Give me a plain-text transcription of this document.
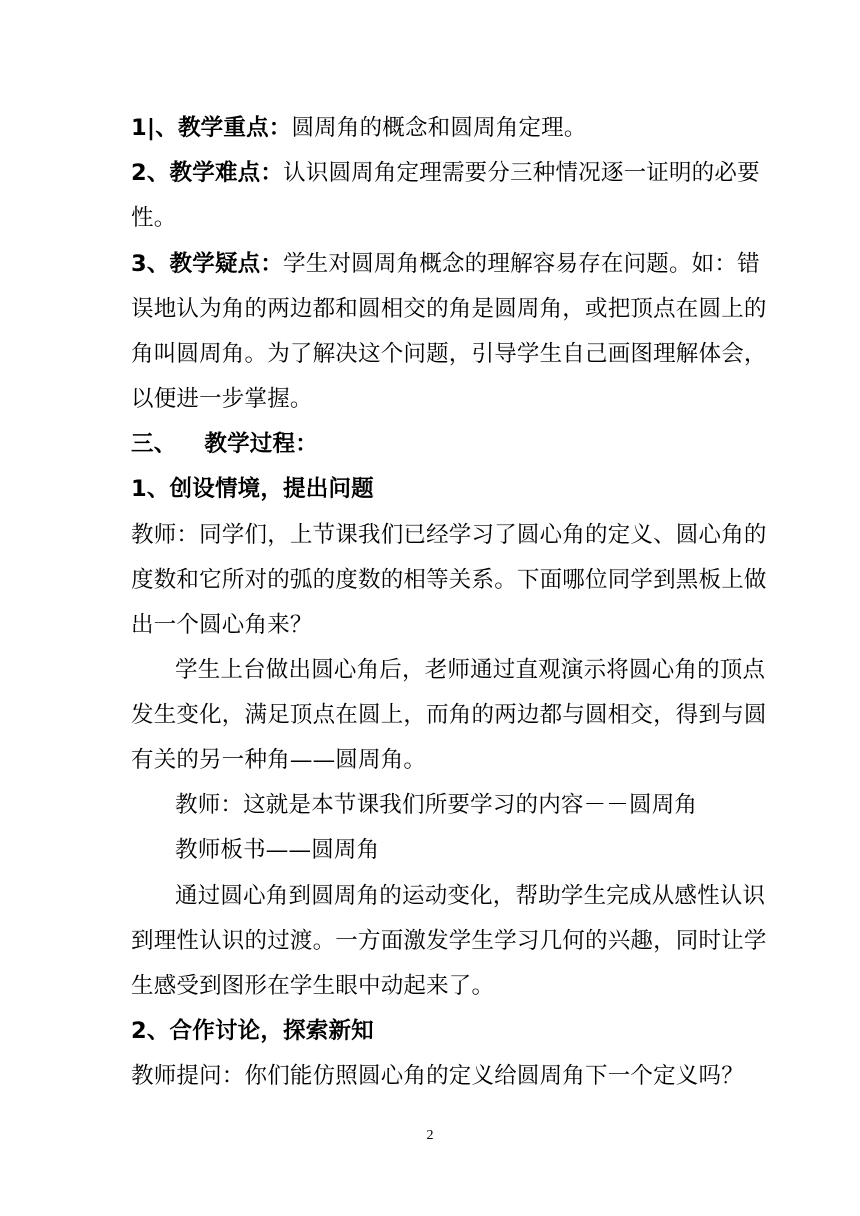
1|、教学重点：圆周角的概念和圆周角定理。
2、教学难点：认识圆周角定理需要分三种情况逐一证明的必要
性。
3、教学疑点：学生对圆周角概念的理解容易存在问题。如：错
误地认为角的两边都和圆相交的角是圆周角，或把顶点在圆上的
角叫圆周角。为了解决这个问题，引导学生自己画图理解体会，
以便进一步掌握。
三、 教学过程：
1、创设情境，提出问题
教师：同学们，上节课我们已经学习了圆心角的定义、圆心角的
度数和它所对的弧的度数的相等关系。下面哪位同学到黑板上做
出一个圆心角来？
学生上台做出圆心角后，老师通过直观演示将圆心角的顶点
发生变化，满足顶点在圆上，而角的两边都与圆相交，得到与圆
有关的另一种角——圆周角。
教师：这就是本节课我们所要学习的内容－－圆周角
教师板书——圆周角
通过圆心角到圆周角的运动变化，帮助学生完成从感性认识
到理性认识的过渡。一方面激发学生学习几何的兴趣，同时让学
生感受到图形在学生眼中动起来了。
2、合作讨论，探索新知
教师提问：你们能仿照圆心角的定义给圆周角下一个定义吗？
2
